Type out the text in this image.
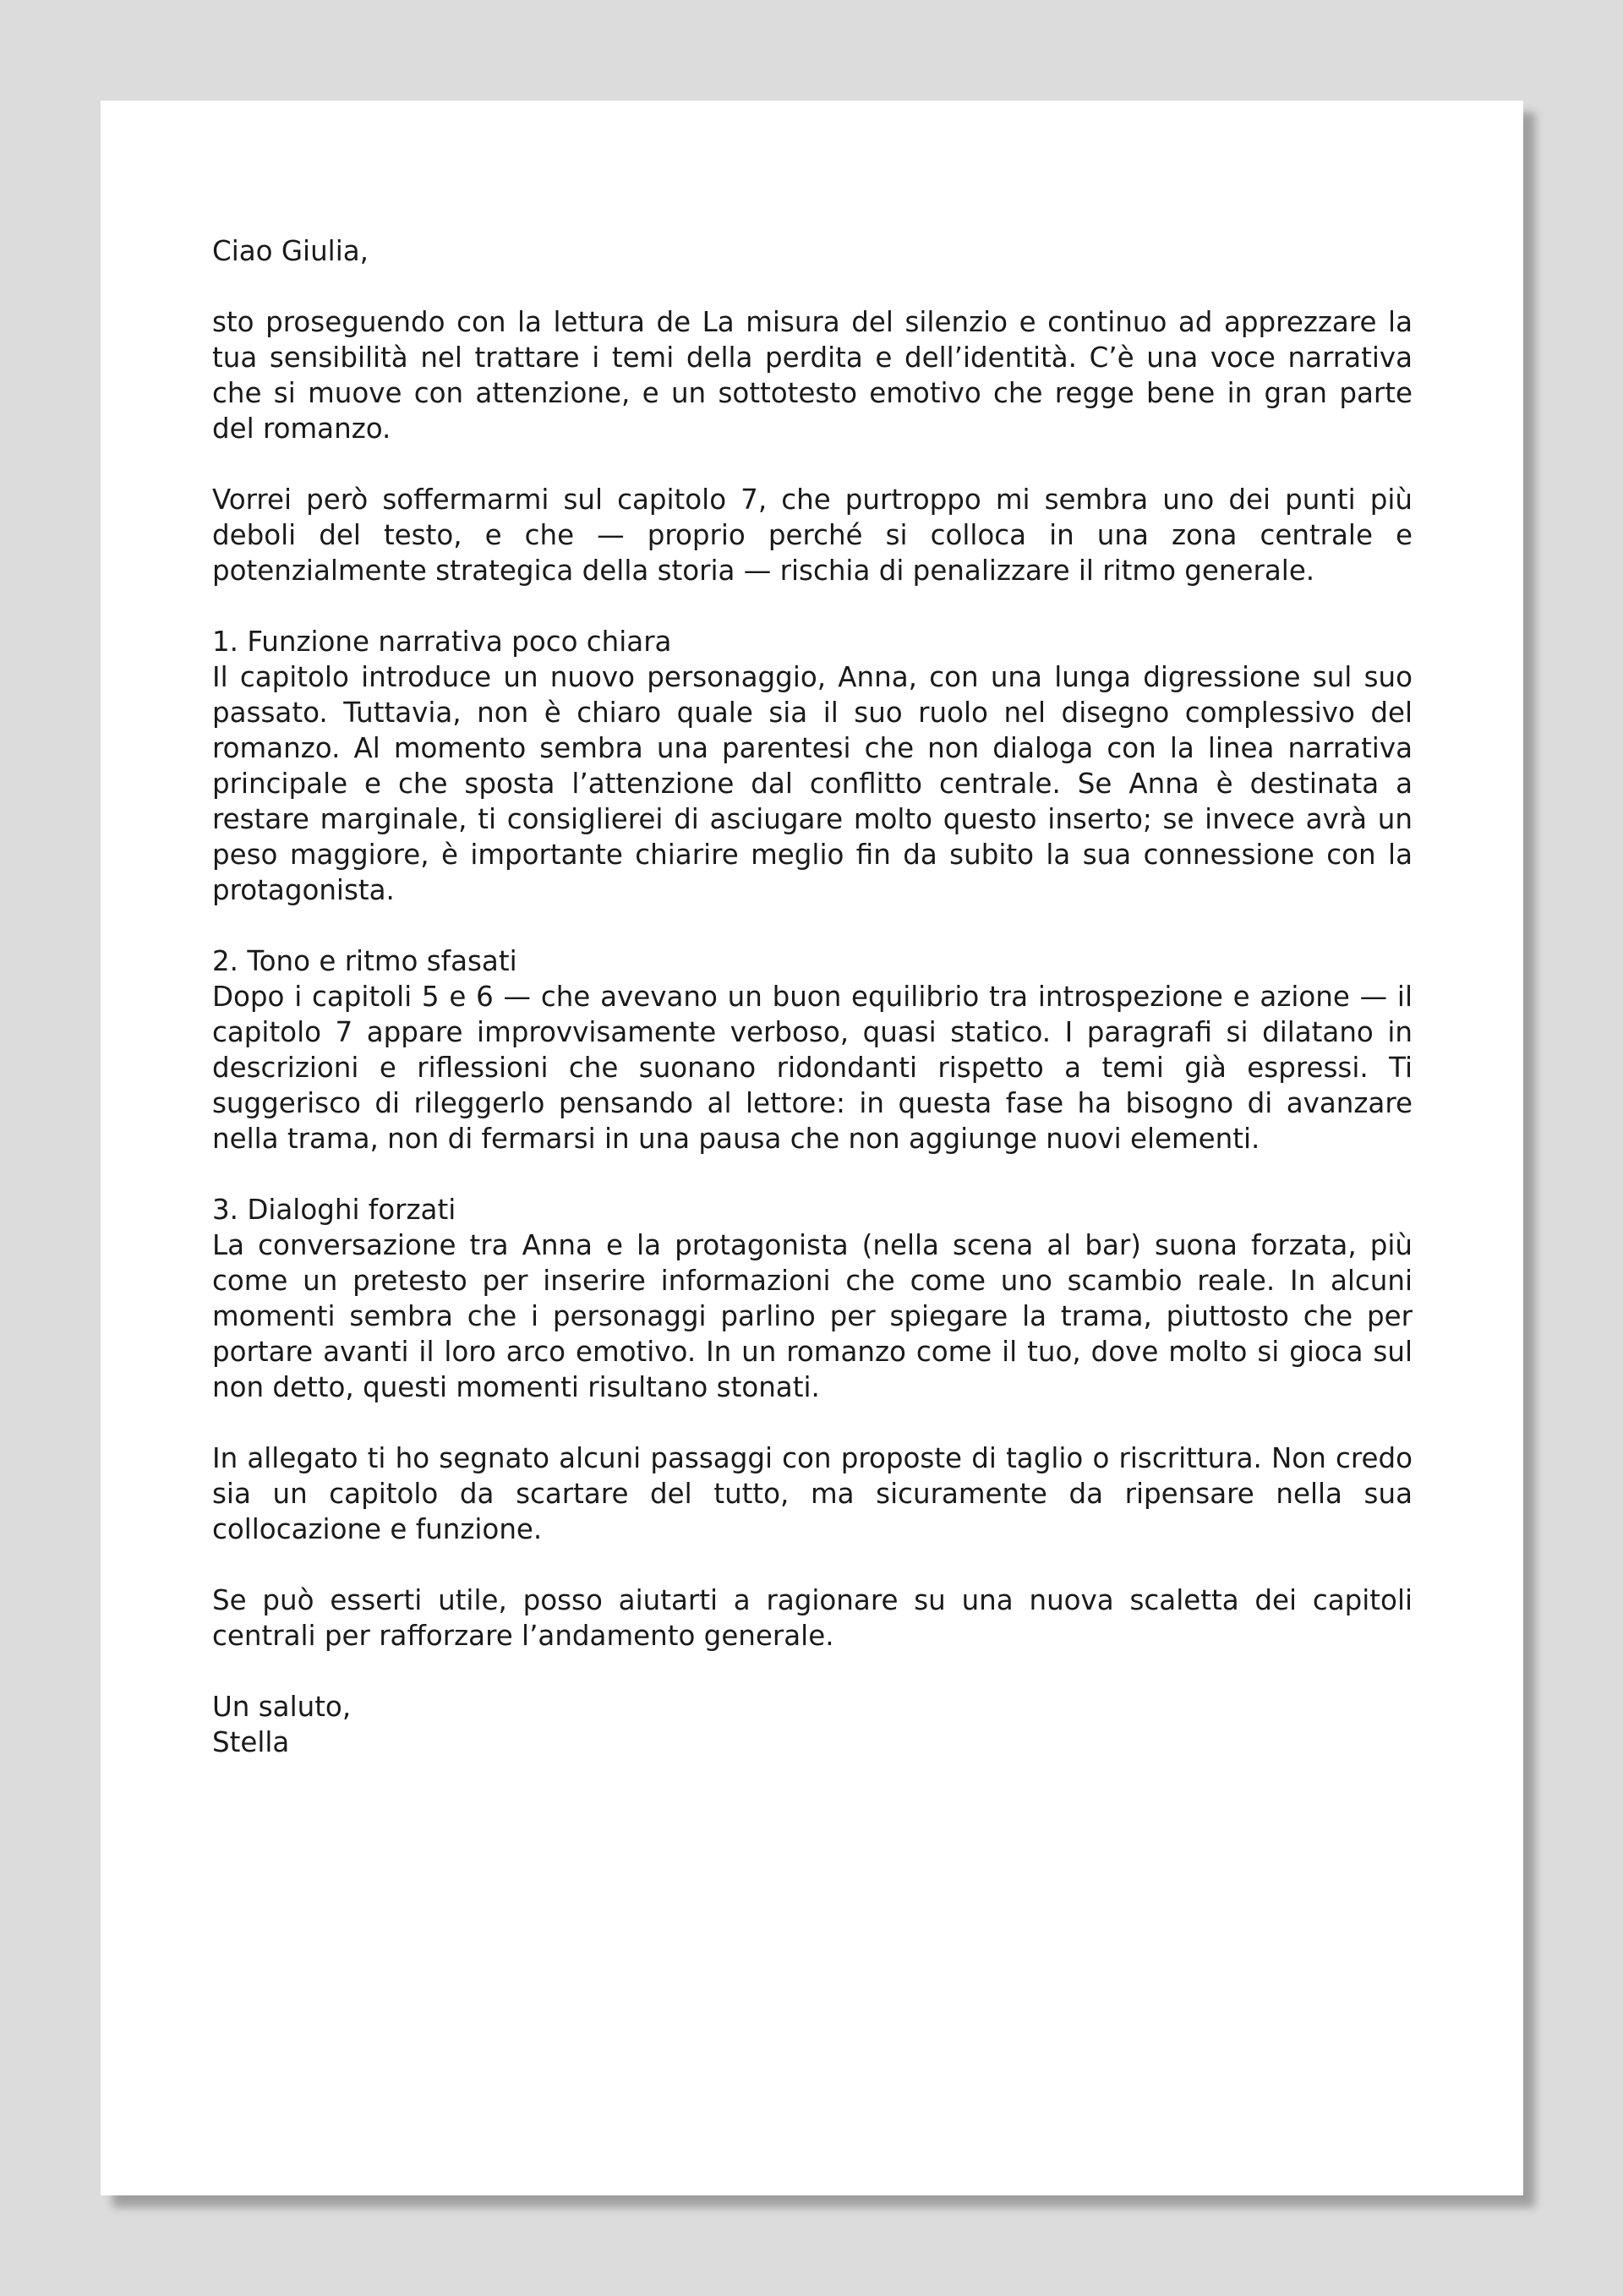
Ciao Giulia,

sto proseguendo con la lettura de La misura del silenzio e continuo ad apprezzare la tua sensibilità nel trattare i temi della perdita e dell’identità. C’è una voce narrativa che si muove con attenzione, e un sottotesto emotivo che regge bene in gran parte del romanzo.

Vorrei però soffermarmi sul capitolo 7, che purtroppo mi sembra uno dei punti più deboli del testo, e che — proprio perché si colloca in una zona centrale e potenzialmente strategica della storia — rischia di penalizzare il ritmo generale.

1. Funzione narrativa poco chiara

Il capitolo introduce un nuovo personaggio, Anna, con una lunga digressione sul suo passato. Tuttavia, non è chiaro quale sia il suo ruolo nel disegno complessivo del romanzo. Al momento sembra una parentesi che non dialoga con la linea narrativa principale e che sposta l’attenzione dal conflitto centrale. Se Anna è destinata a restare marginale, ti consiglierei di asciugare molto questo inserto; se invece avrà un peso maggiore, è importante chiarire meglio fin da subito la sua connessione con la protagonista.

2. Tono e ritmo sfasati

Dopo i capitoli 5 e 6 — che avevano un buon equilibrio tra introspezione e azione — il capitolo 7 appare improvvisamente verboso, quasi statico. I paragrafi si dilatano in descrizioni e riflessioni che suonano ridondanti rispetto a temi già espressi. Ti suggerisco di rileggerlo pensando al lettore: in questa fase ha bisogno di avanzare nella trama, non di fermarsi in una pausa che non aggiunge nuovi elementi.

3. Dialoghi forzati

La conversazione tra Anna e la protagonista (nella scena al bar) suona forzata, più come un pretesto per inserire informazioni che come uno scambio reale. In alcuni momenti sembra che i personaggi parlino per spiegare la trama, piuttosto che per portare avanti il loro arco emotivo. In un romanzo come il tuo, dove molto si gioca sul non detto, questi momenti risultano stonati.

In allegato ti ho segnato alcuni passaggi con proposte di taglio o riscrittura. Non credo sia un capitolo da scartare del tutto, ma sicuramente da ripensare nella sua collocazione e funzione.

Se può esserti utile, posso aiutarti a ragionare su una nuova scaletta dei capitoli centrali per rafforzare l’andamento generale.

Un saluto,

Stella
